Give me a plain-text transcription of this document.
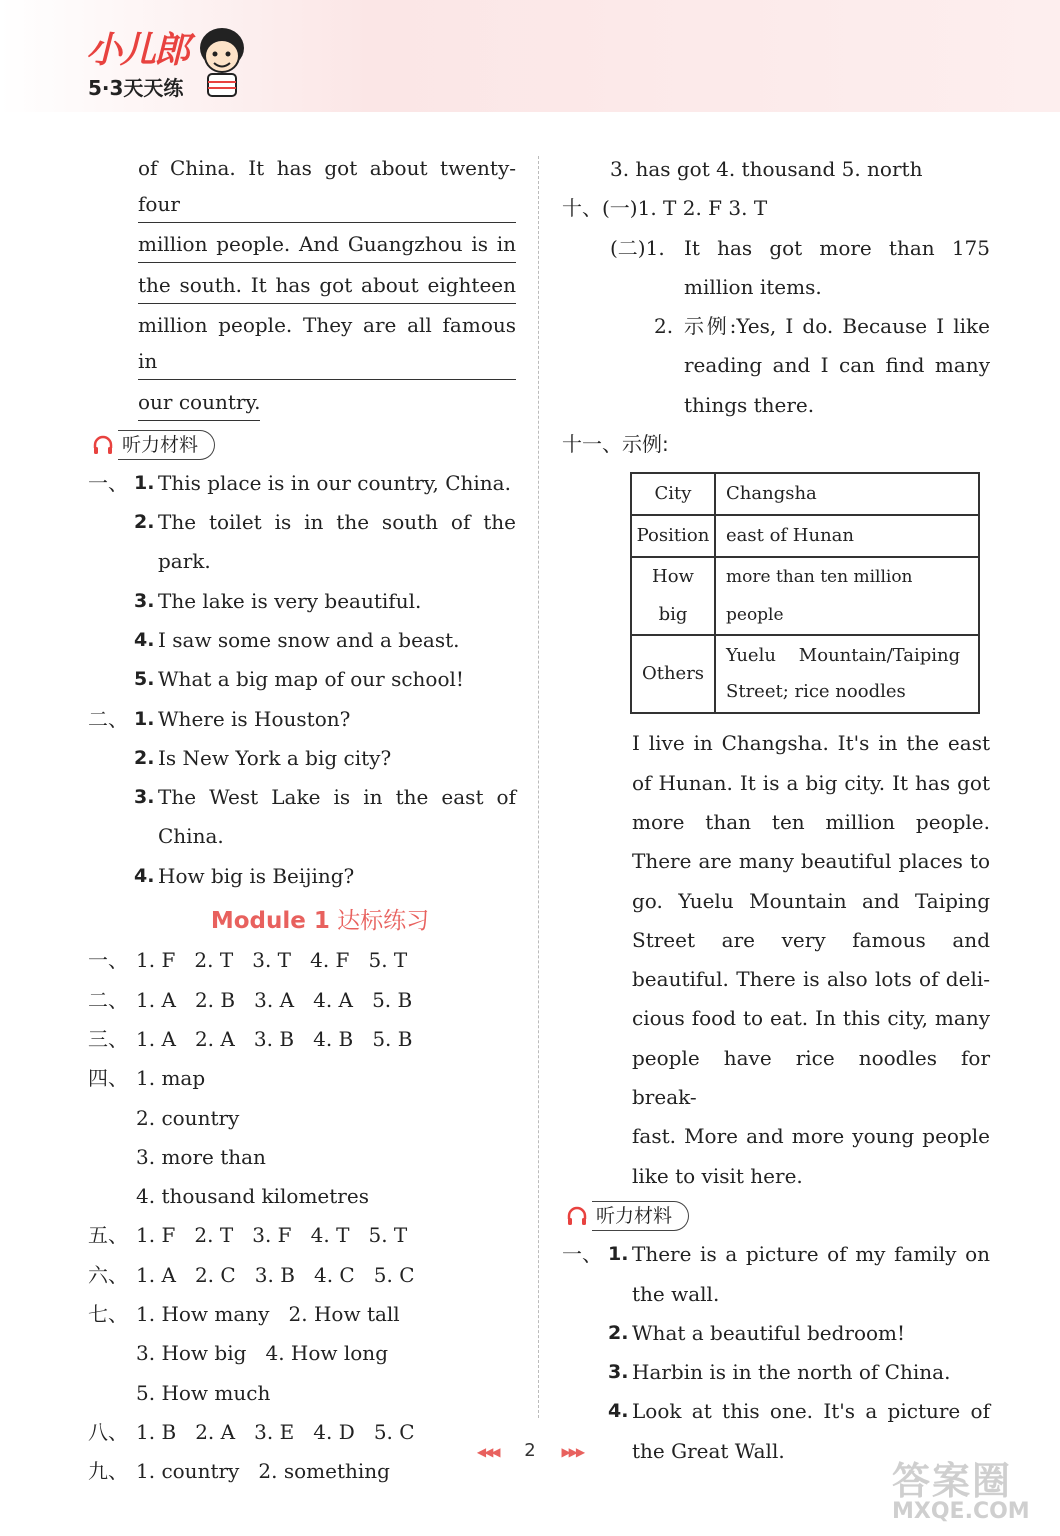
小儿郎
5·3天天练
of China. It has got about twenty-four
million people. And Guangzhou is in
the south. It has got about eighteen
million people. They are all famous in
our country.
听力材料
一、 1. This place is in our country, China.
2. The toilet is in the south of the
park.
3. The lake is very beautiful.
4. I saw some snow and a beast.
5. What a big map of our school!
二、 1. Where is Houston?
2. Is New York a big city?
3. The West Lake is in the east of
China.
4. How big is Beijing?
Module 1 达标练习
一、 1. F   2. T   3. T   4. F   5. T
二、 1. A   2. B   3. A   4. A   5. B
三、 1. A   2. A   3. B   4. B   5. B
四、 1. map
2. country
3. more than
4. thousand kilometres
五、 1. F   2. T   3. F   4. T   5. T
六、 1. A   2. C   3. B   4. C   5. C
七、 1. How many   2. How tall
3. How big   4. How long
5. How much
八、 1. B   2. A   3. E   4. D   5. C
九、 1. country   2. something
3. has got 4. thousand 5. north
十、(一)1. T 2. F 3. T
(二)1. It has got more than 175
million items.
2. 示例:Yes, I do. Because I like
reading and I can find many
things there.
十一、示例:
City	Changsha
Position	east of Hunan
How big	more than ten million people
Others	Yuelu    Mountain/Taiping
Street; rice noodles
I live in Changsha. It's in the east
of Hunan. It is a big city. It has got
more than ten million people.
There are many beautiful places to
go. Yuelu Mountain and Taiping
Street are very famous and
beautiful. There is also lots of deli-
cious food to eat. In this city, many
people have rice noodles for break-
fast. More and more young people
like to visit here.
听力材料
一、 1. There is a picture of my family on
the wall.
2. What a beautiful bedroom!
3. Harbin is in the north of China.
4. Look at this one. It's a picture of
the Great Wall.
◀◀◀ 2 ▶▶▶
答案圈
MXQE.COM
